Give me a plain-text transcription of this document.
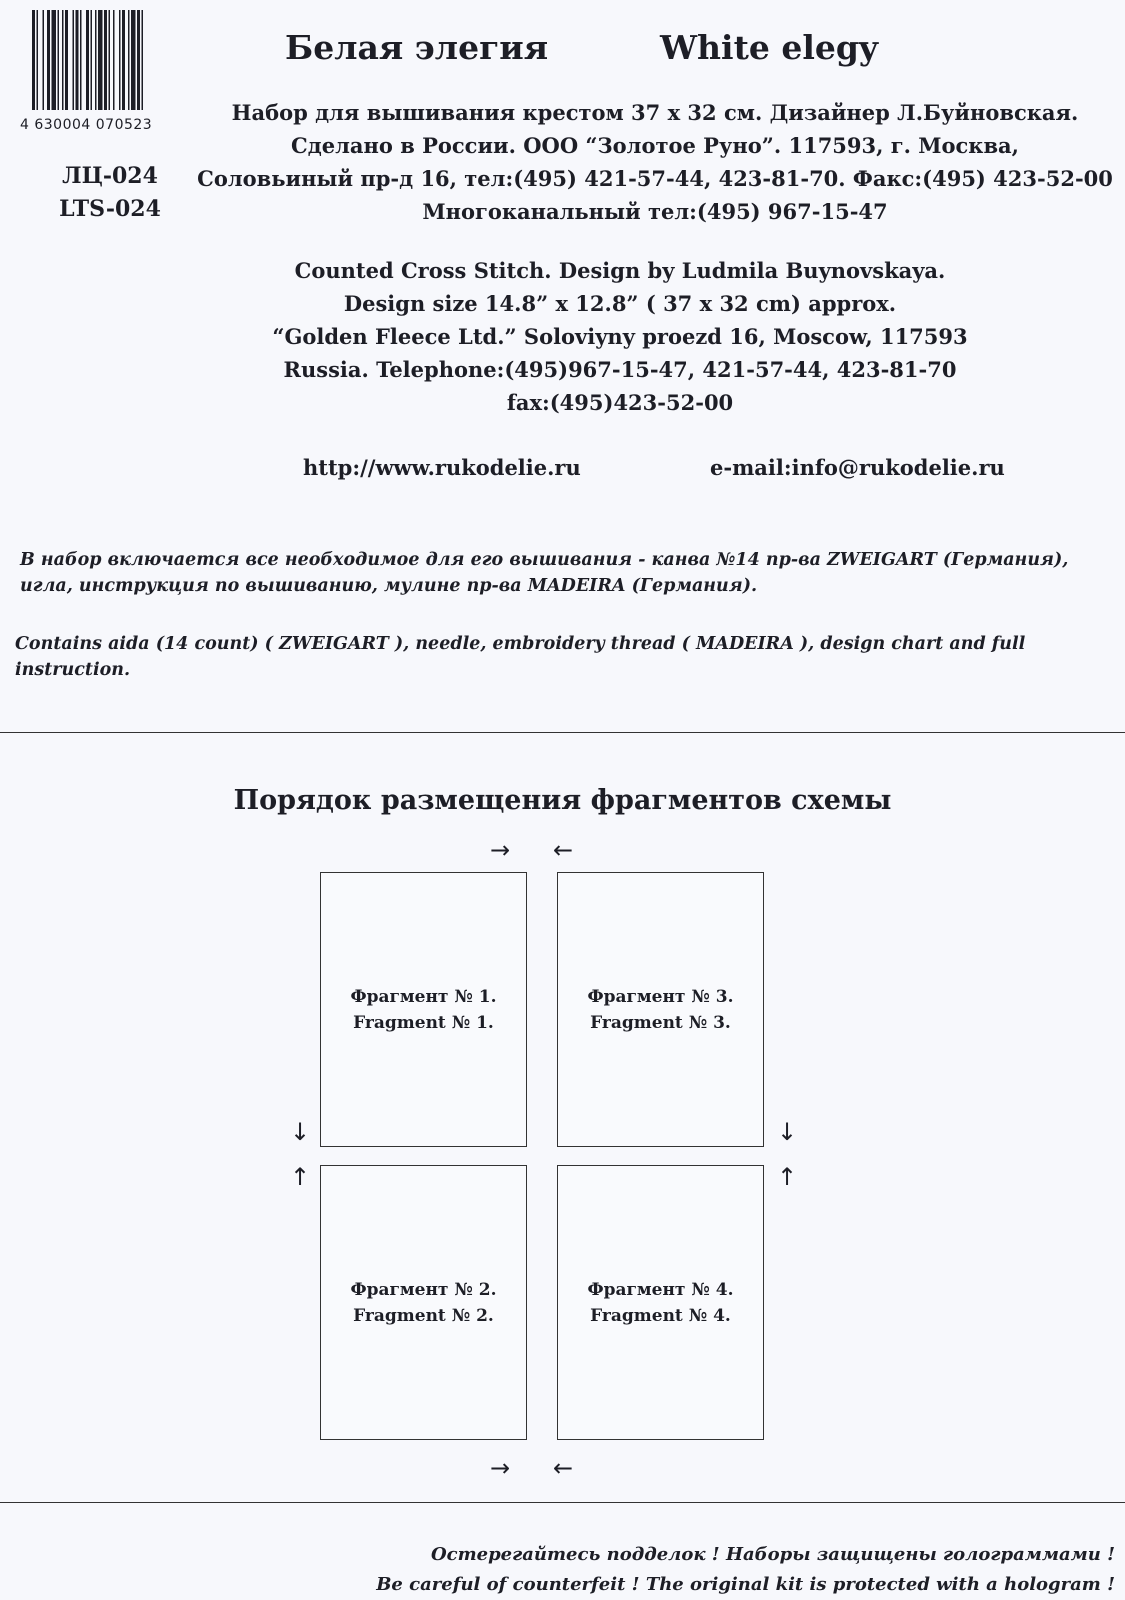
4 630004 070523
ЛЦ-024
LTS-024
Белая элегия	White elegy
Набор для вышивания крестом 37 x 32 см. Дизайнер Л.Буйновская.
Сделано в России. ООО “Золотое Руно”. 117593, г. Москва,
Соловьиный пр-д 16, тел:(495) 421-57-44, 423-81-70. Факс:(495) 423-52-00
Многоканальный тел:(495) 967-15-47
Counted Cross Stitch. Design by Ludmila Buynovskaya.
Design size 14.8” x 12.8” ( 37 x 32 cm) approx.
“Golden Fleece Ltd.” Soloviyny proezd 16, Moscow, 117593
Russia. Telephone:(495)967-15-47, 421-57-44, 423-81-70
fax:(495)423-52-00
http://www.rukodelie.ru	e-mail:info@rukodelie.ru
В набор включается все необходимое для его вышивания - канва №14 пр-ва ZWEIGART (Германия), игла, инструкция по вышиванию, мулине пр-ва MADEIRA (Германия).
Contains aida (14 count) ( ZWEIGART ), needle, embroidery thread ( MADEIRA ), design chart and full instruction.
Порядок размещения фрагментов схемы
→ ←
Фрагмент № 1.
Fragment № 1.
Фрагмент № 3.
Fragment № 3.
Фрагмент № 2.
Fragment № 2.
Фрагмент № 4.
Fragment № 4.
↓
↑
↓
↑
→ ←
Остерегайтесь подделок ! Наборы защищены голограммами !
Be careful of counterfeit ! The original kit is protected with a hologram !
